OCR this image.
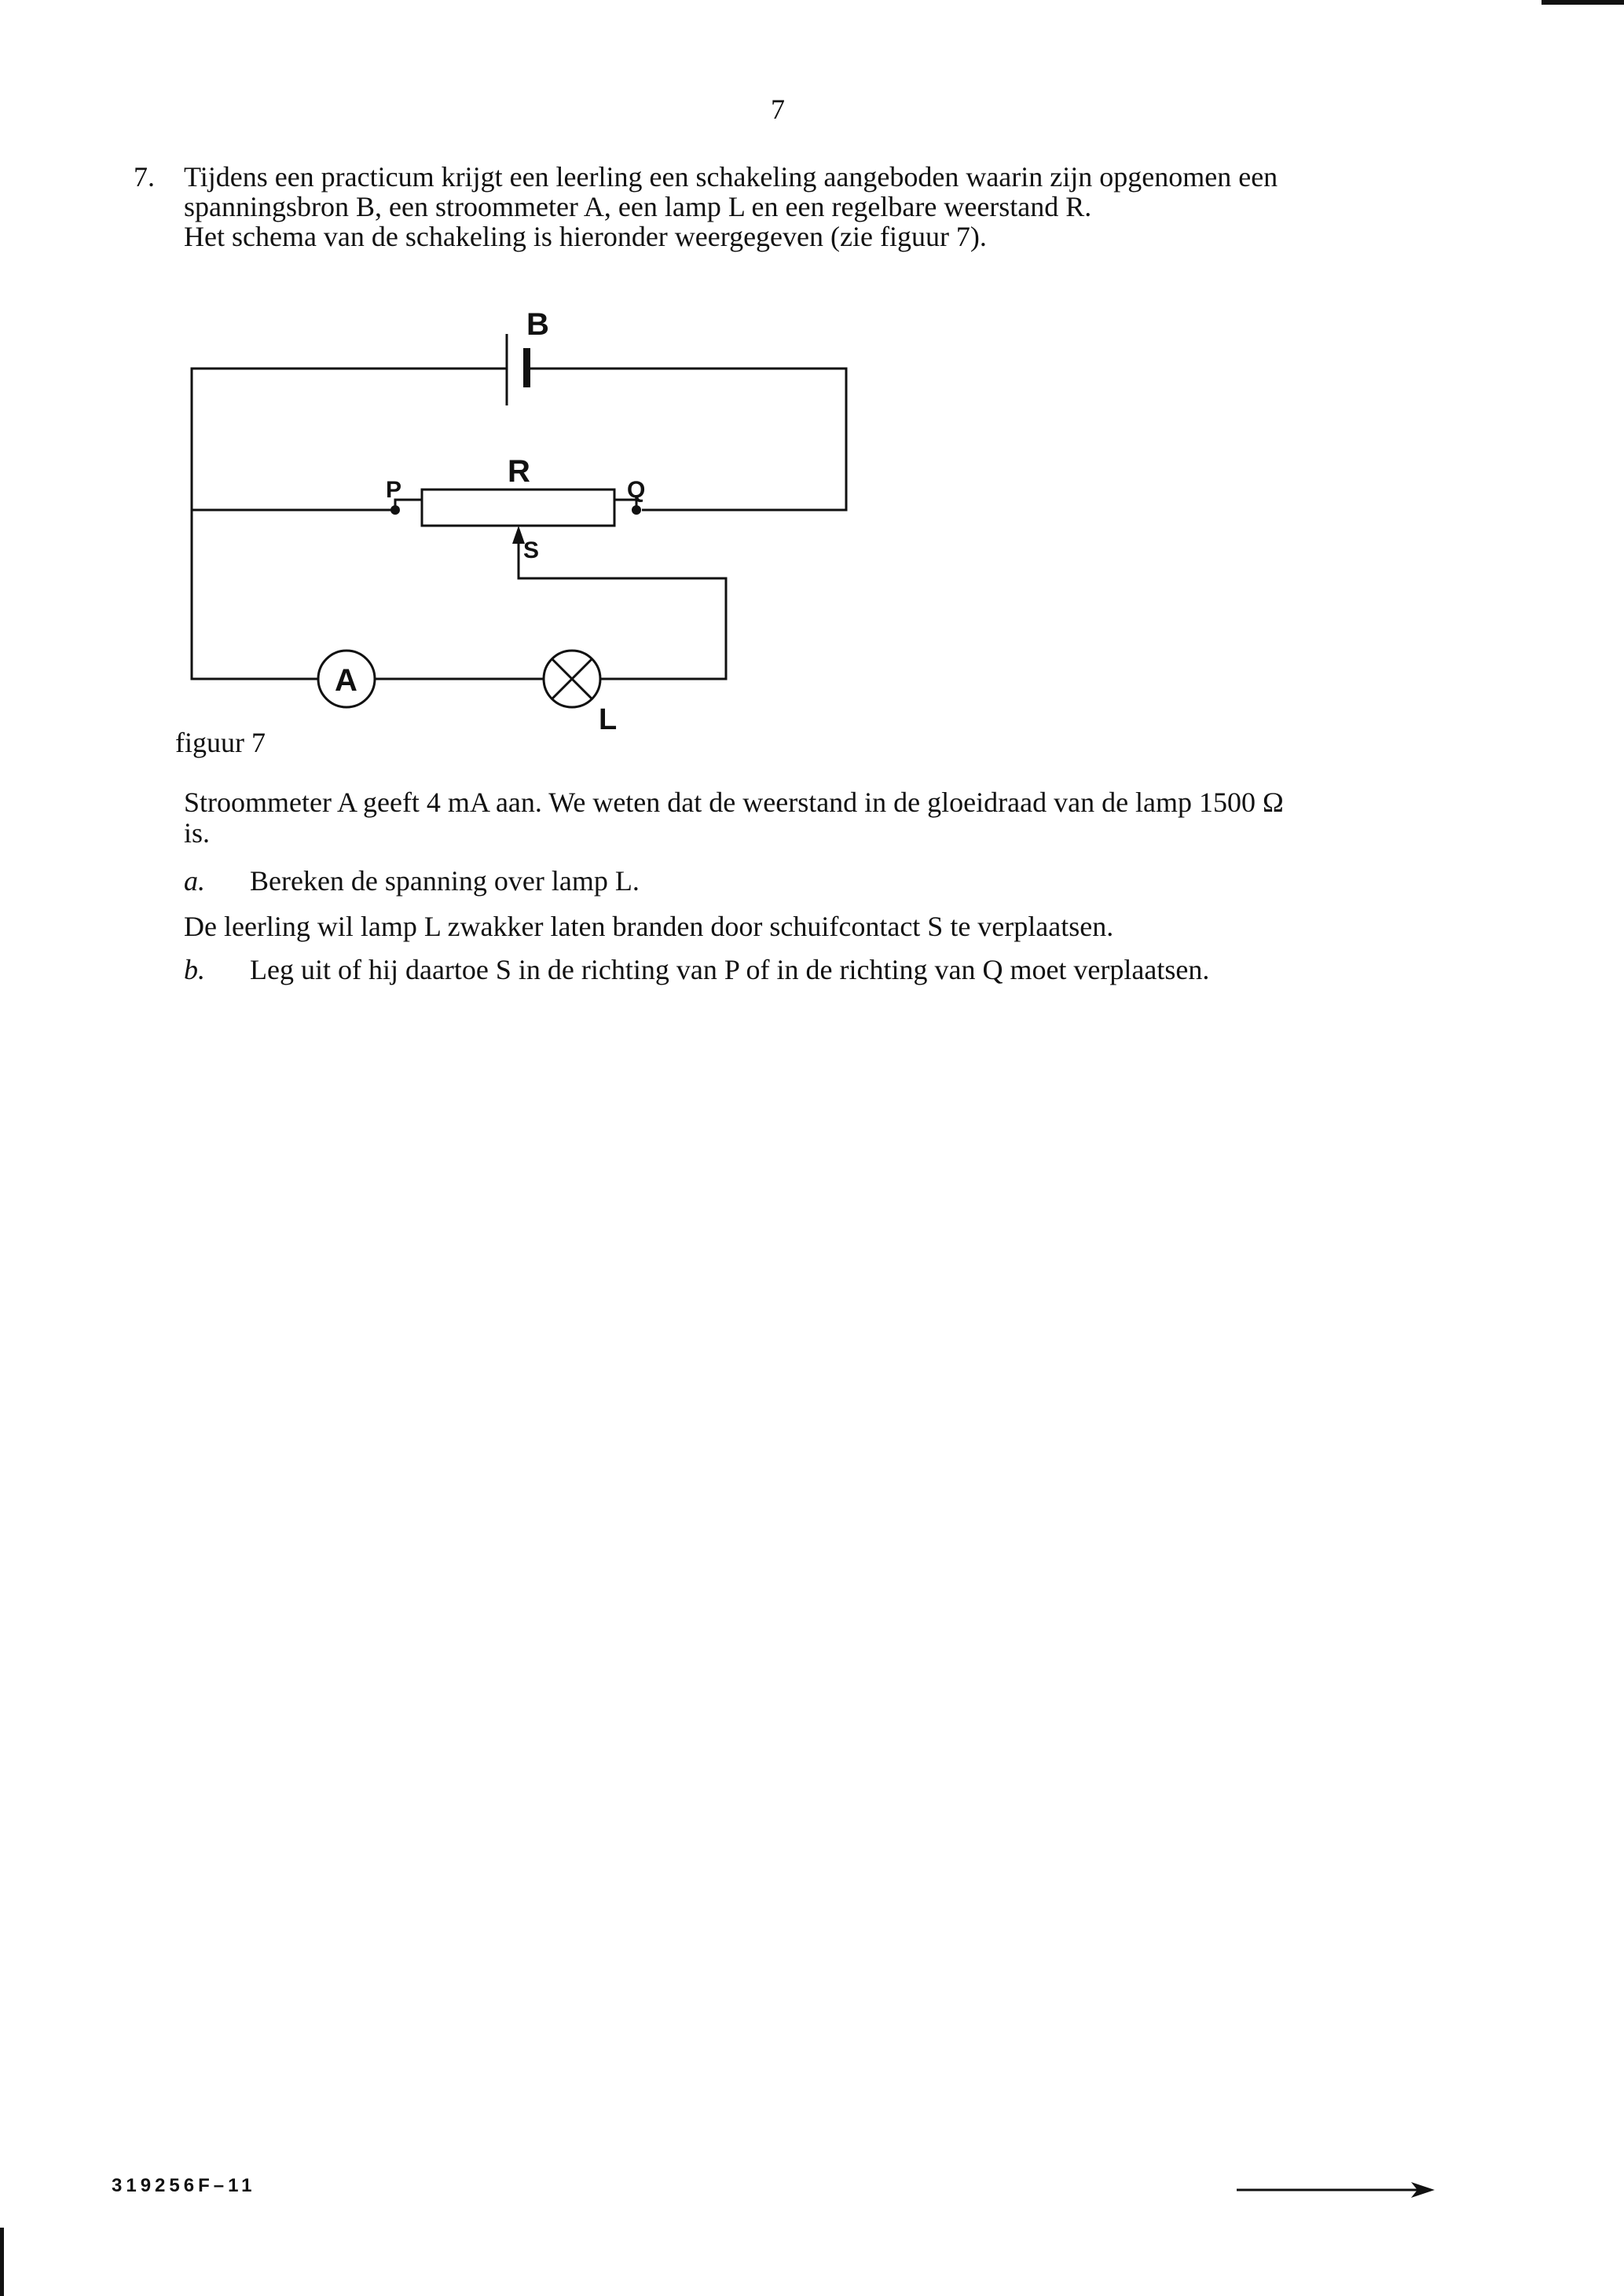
7
7. Tijdens een practicum krijgt een leerling een schakeling aangeboden waarin zijn opgenomen een
spanningsbron B, een stroommeter A, een lamp L en een regelbare weerstand R.
Het schema van de schakeling is hieronder weergegeven (zie figuur 7).
B
R
P	Q
S
A
L
figuur 7
Stroommeter A geeft 4 mA aan. We weten dat de weerstand in de gloeidraad van de lamp 1500 Ω
is.
a. Bereken de spanning over lamp L.
De leerling wil lamp L zwakker laten branden door schuifcontact S te verplaatsen.
b. Leg uit of hij daartoe S in de richting van P of in de richting van Q moet verplaatsen.
319256F–11
